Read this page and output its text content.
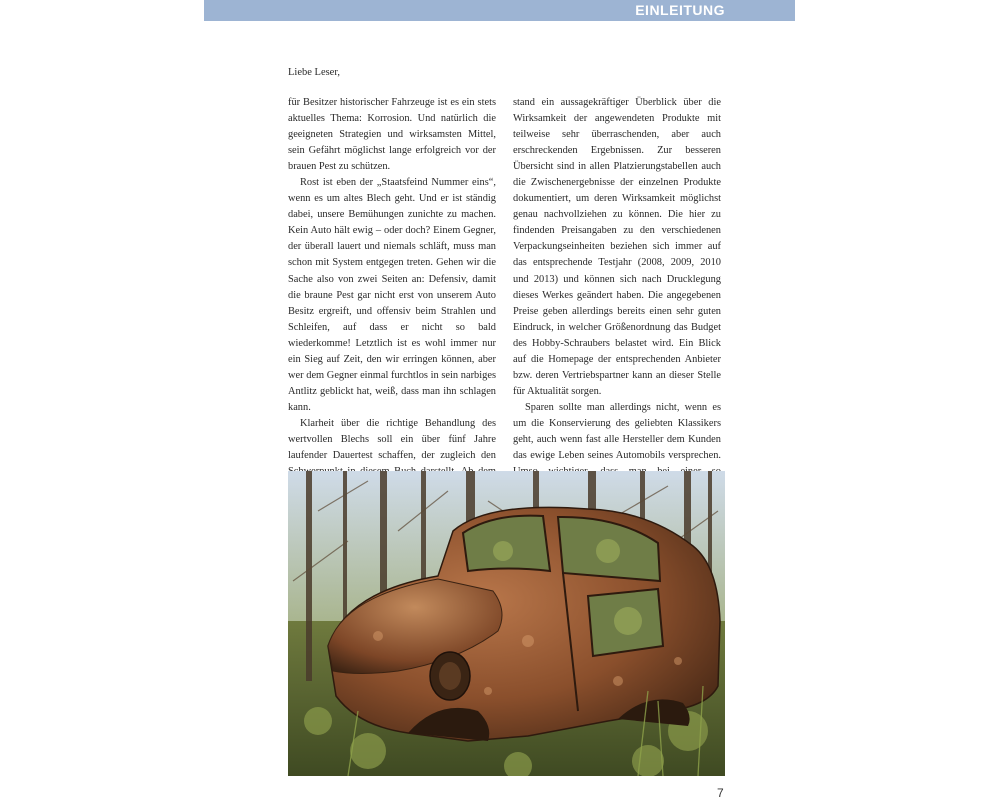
EINLEITUNG
Liebe Leser,

für Besitzer historischer Fahrzeuge ist es ein stets aktuelles Thema: Korrosion. Und natürlich die geeigneten Strategien und wirksamsten Mittel, sein Gefährt möglichst lange erfolgreich vor der brauen Pest zu schützen.

Rost ist eben der „Staatsfeind Nummer eins“, wenn es um altes Blech geht. Und er ist ständig dabei, unsere Bemühungen zunichte zu machen. Kein Auto hält ewig – oder doch? Einem Gegner, der überall lauert und niemals schläft, muss man schon mit System entgegen treten. Gehen wir die Sache also von zwei Seiten an: Defensiv, damit die braune Pest gar nicht erst von unserem Auto Besitz ergreift, und offensiv beim Strahlen und Schleifen, auf dass er nicht so bald wiederkomme! Letztlich ist es wohl immer nur ein Sieg auf Zeit, den wir erringen können, aber wer dem Gegner einmal furchtlos in sein narbiges Antlitz geblickt hat, weiß, dass man ihn schlagen kann.

Klarheit über die richtige Behandlung des wertvollen Blechs soll ein über fünf Jahre laufender Dauertest schaffen, der zugleich den

stand ein aussagekräftiger Überblick über die Wirksamkeit der angewendeten Produkte mit teilweise sehr überraschenden, aber auch erschreckenden Ergebnissen. Zur besseren Übersicht sind in allen Platzierungstabellen auch die Zwischenergebnisse der einzelnen Produkte dokumentiert, um deren Wirksamkeit möglichst genau nachvollziehen zu können. Die hier zu findenden Preisangaben zu den verschiedenen Verpackungseinheiten beziehen sich immer auf das entsprechende Testjahr (2008, 2009, 2010 und 2013) und können sich nach Drucklegung dieses Werkes geändert haben. Die angegebenen Preise geben allerdings bereits einen sehr guten Eindruck, in welcher Größenordnung das Budget des Hobby-Schraubers belastet wird. Ein Blick auf die Homepage der entsprechenden Anbieter bzw. deren Vertriebspartner kann an dieser Stelle für Aktualität sorgen.

Sparen sollte man allerdings nicht, wenn es um die Konservierung des geliebten Klassikers geht, auch wenn fast alle Hersteller dem Kunden das ewige Leben seines Automobils versprechen.

7
